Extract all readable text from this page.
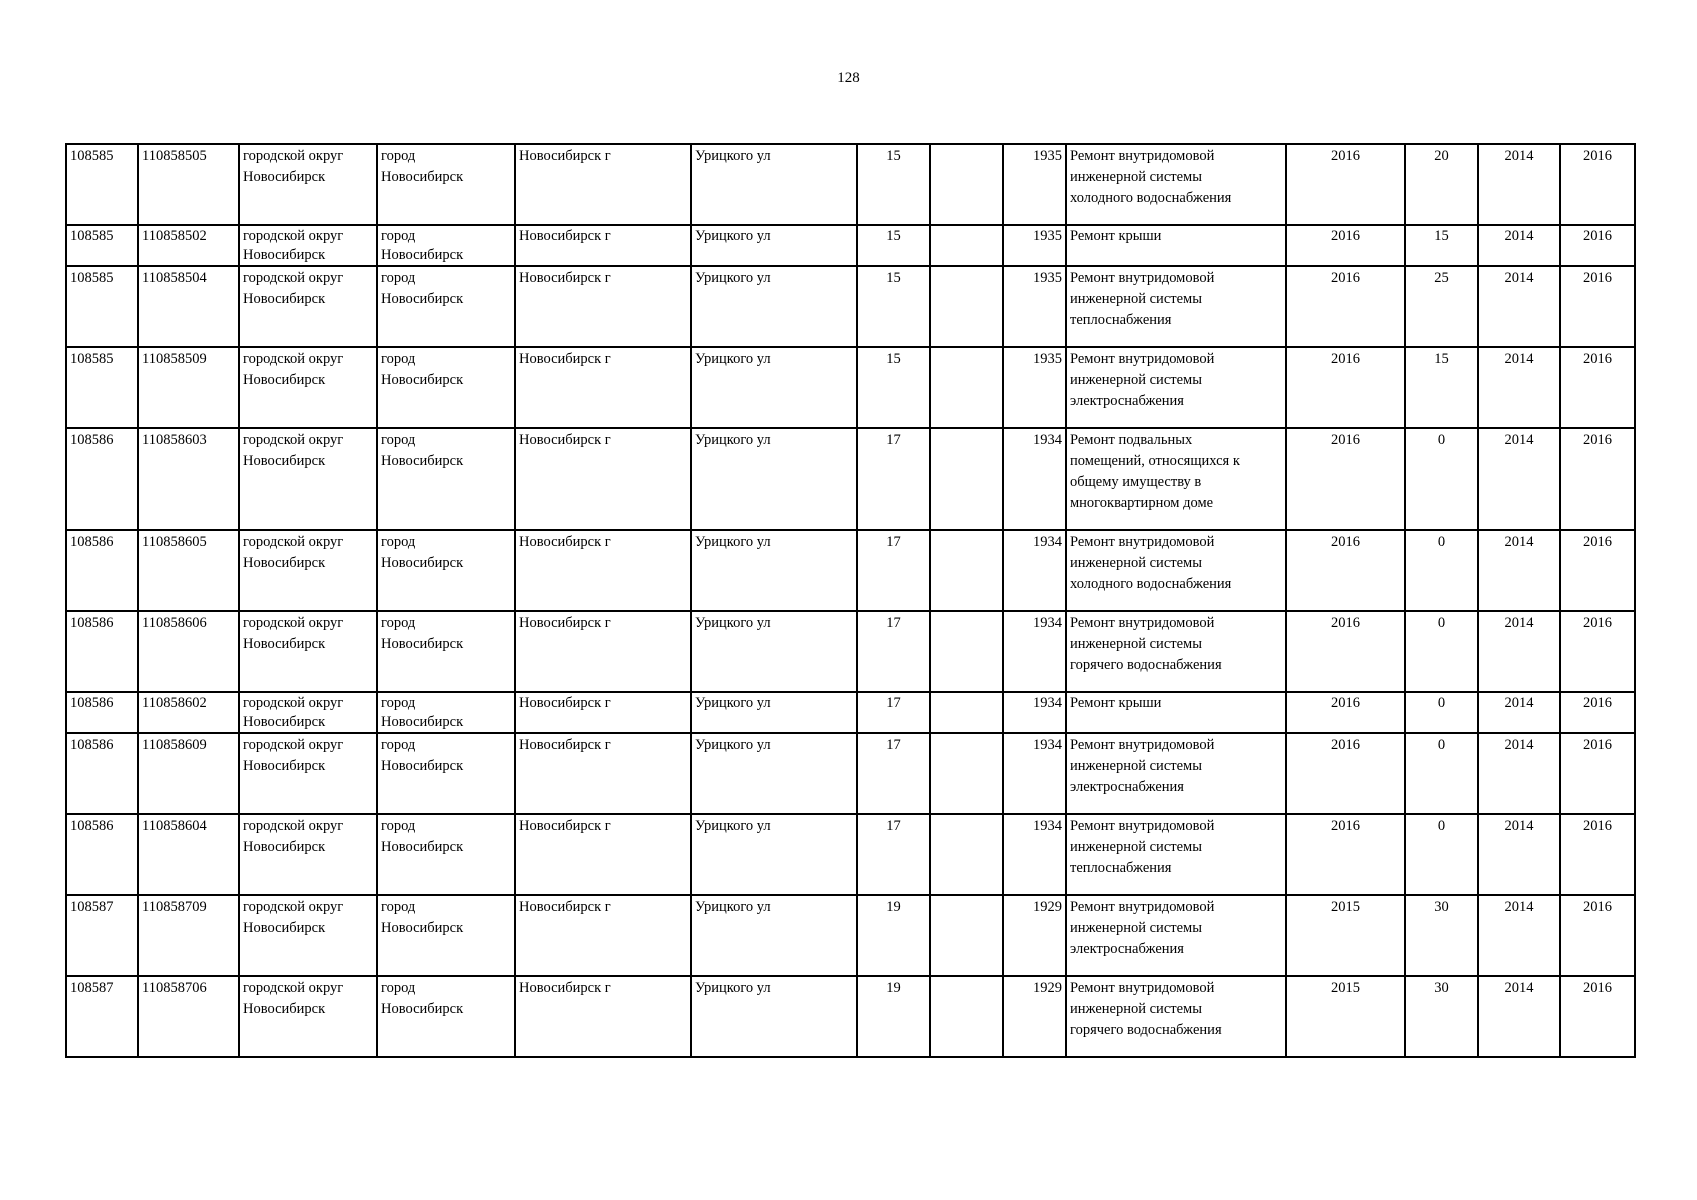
128
108585	110858505	городской округ
Новосибирск	город
Новосибирск	Новосибирск г	Урицкого ул	15		1935	Ремонт внутридомовой
инженерной системы
холодного водоснабжения	2016	20	2014	2016
108585	110858502	городской округ
Новосибирск	город
Новосибирск	Новосибирск г	Урицкого ул	15		1935	Ремонт крыши	2016	15	2014	2016
108585	110858504	городской округ
Новосибирск	город
Новосибирск	Новосибирск г	Урицкого ул	15		1935	Ремонт внутридомовой
инженерной системы
теплоснабжения	2016	25	2014	2016
108585	110858509	городской округ
Новосибирск	город
Новосибирск	Новосибирск г	Урицкого ул	15		1935	Ремонт внутридомовой
инженерной системы
электроснабжения	2016	15	2014	2016
108586	110858603	городской округ
Новосибирск	город
Новосибирск	Новосибирск г	Урицкого ул	17		1934	Ремонт подвальных
помещений, относящихся к
общему имуществу в
многоквартирном доме	2016	0	2014	2016
108586	110858605	городской округ
Новосибирск	город
Новосибирск	Новосибирск г	Урицкого ул	17		1934	Ремонт внутридомовой
инженерной системы
холодного водоснабжения	2016	0	2014	2016
108586	110858606	городской округ
Новосибирск	город
Новосибирск	Новосибирск г	Урицкого ул	17		1934	Ремонт внутридомовой
инженерной системы
горячего водоснабжения	2016	0	2014	2016
108586	110858602	городской округ
Новосибирск	город
Новосибирск	Новосибирск г	Урицкого ул	17		1934	Ремонт крыши	2016	0	2014	2016
108586	110858609	городской округ
Новосибирск	город
Новосибирск	Новосибирск г	Урицкого ул	17		1934	Ремонт внутридомовой
инженерной системы
электроснабжения	2016	0	2014	2016
108586	110858604	городской округ
Новосибирск	город
Новосибирск	Новосибирск г	Урицкого ул	17		1934	Ремонт внутридомовой
инженерной системы
теплоснабжения	2016	0	2014	2016
108587	110858709	городской округ
Новосибирск	город
Новосибирск	Новосибирск г	Урицкого ул	19		1929	Ремонт внутридомовой
инженерной системы
электроснабжения	2015	30	2014	2016
108587	110858706	городской округ
Новосибирск	город
Новосибирск	Новосибирск г	Урицкого ул	19		1929	Ремонт внутридомовой
инженерной системы
горячего водоснабжения	2015	30	2014	2016
